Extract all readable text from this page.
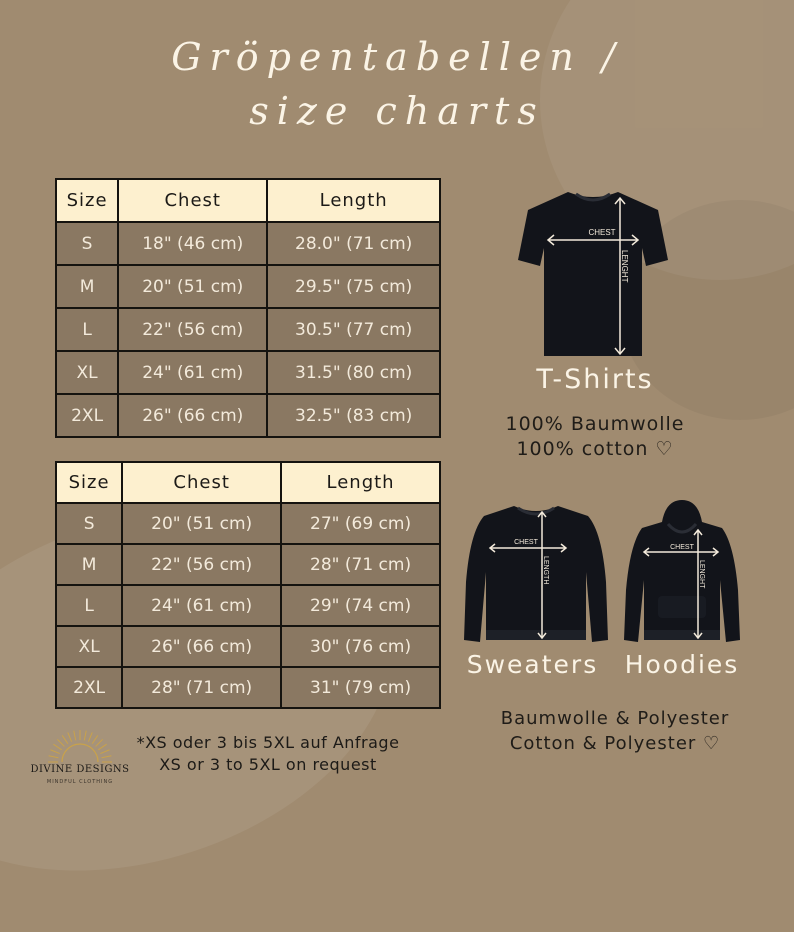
Gröpentabellen /
size charts
Size	Chest	Length
S	18" (46 cm)	28.0" (71 cm)
M	20" (51 cm)	29.5" (75 cm)
L	22" (56 cm)	30.5" (77 cm)
XL	24" (61 cm)	31.5" (80 cm)
2XL	26" (66 cm)	32.5" (83 cm)
Size	Chest	Length
S	20" (51 cm)	27" (69 cm)
M	22" (56 cm)	28" (71 cm)
L	24" (61 cm)	29" (74 cm)
XL	26" (66 cm)	30" (76 cm)
2XL	28" (71 cm)	31" (79 cm)
CHEST
LENGHT
T-Shirts
100% Baumwolle
100% cotton ♡
CHEST
LENGTH
CHEST
LENGHT
Sweaters	Hoodies
Baumwolle & Polyester
Cotton & Polyester ♡
*XS oder 3 bis 5XL auf Anfrage
XS or 3 to 5XL on request
DIVINE DESIGNS
MINDFUL CLOTHING
